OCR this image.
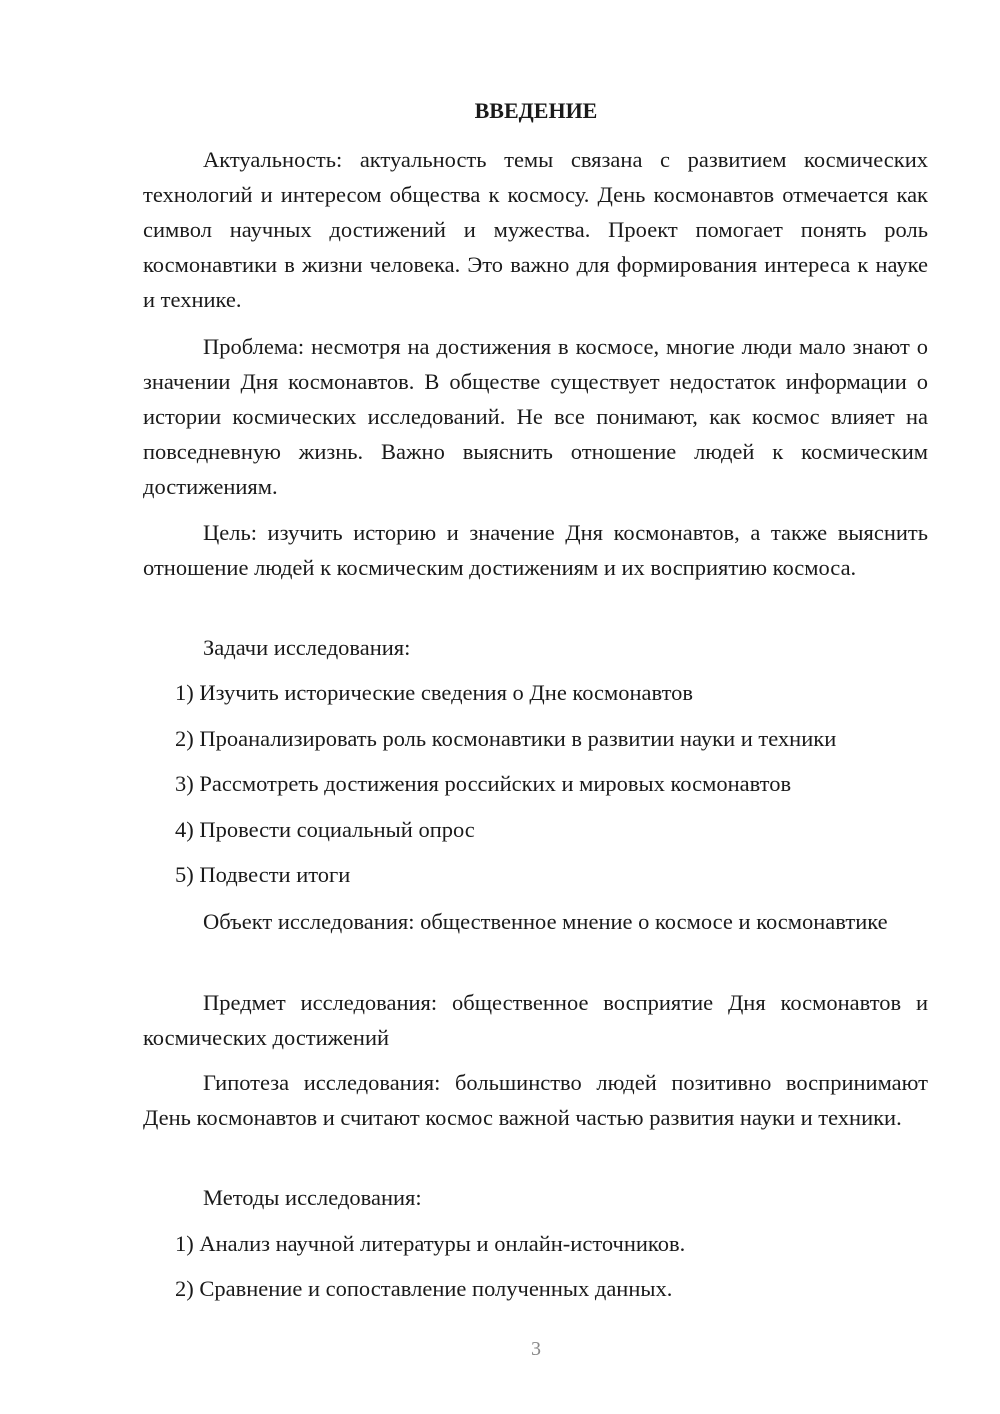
ВВЕДЕНИЕ

Актуальность: актуальность темы связана с развитием космических технологий и интересом общества к космосу. День космонавтов отмечается как символ научных достижений и мужества. Проект помогает понять роль космонавтики в жизни человека. Это важно для формирования интереса к науке и технике.

Проблема: несмотря на достижения в космосе, многие люди мало знают о значении Дня космонавтов. В обществе существует недостаток информации о истории космических исследований. Не все понимают, как космос влияет на повседневную жизнь. Важно выяснить отношение людей к космическим достижениям.

Цель: изучить историю и значение Дня космонавтов, а также выяснить отношение людей к космическим достижениям и их восприятию космоса.

Задачи исследования:

1) Изучить исторические сведения о Дне космонавтов

2) Проанализировать роль космонавтики в развитии науки и техники

3) Рассмотреть достижения российских и мировых космонавтов

4) Провести социальный опрос

5) Подвести итоги

Объект исследования: общественное мнение о космосе и космонавтике

Предмет исследования: общественное восприятие Дня космонавтов и космических достижений

Гипотеза исследования: большинство людей позитивно воспринимают День космонавтов и считают космос важной частью развития науки и техники.

Методы исследования:

1) Анализ научной литературы и онлайн-источников.

2) Сравнение и сопоставление полученных данных.

3
